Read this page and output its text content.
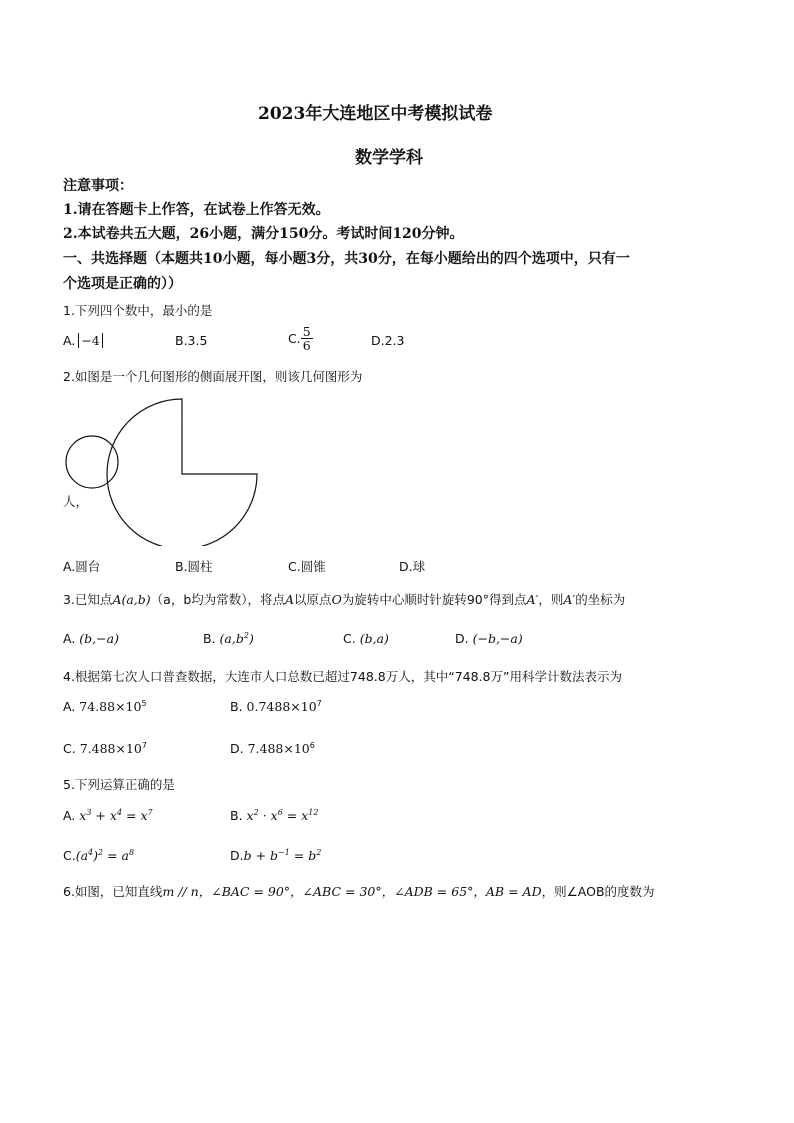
2023年大连地区中考模拟试卷
数学学科
注意事项：
1.请在答题卡上作答，在试卷上作答无效。
2.本试卷共五大题，26小题，满分150分。考试时间120分钟。
一、共选择题（本题共10小题，每小题3分，共30分，在每小题给出的四个选项中，只有一
个选项是正确的））
1.下列四个数中，最小的是
A. −4	B.3.5	C. $\frac{5}{6}$	D.2.3
2.如图是一个几何图形的侧面展开图，则该几何图形为
人，
A.圆台	B.圆柱	C.圆锥	D.球
3.已知点A(a,b)（a，b均为常数），将点A以原点O为旋转中心顺时针旋转90°得到点A′，则A′的坐标为
A. (b,−a)	B. $(a,b^2)$	C. (b,a)	D. (−b,−a)
4.根据第七次人口普查数据，大连市人口总数已超过748.8万人，其中“748.8万”用科学计数法表示为
A. $74.88\times 10^5$	B. $0.7488\times 10^7$
C. $7.488\times 10^7$	D. $7.488\times 10^6$
5.下列运算正确的是
A. $x^3 + x^4 = x^7$	B. $x^2 \cdot x^6 = x^{12}$
$C.(a^4)^2 = a^8$	$D.b + b^{-1} = b^2$
6.如图，已知直线m // n，∠BAC = 90°，∠ABC = 30°，∠ADB = 65°，AB = AD，则∠AOB的度数为
